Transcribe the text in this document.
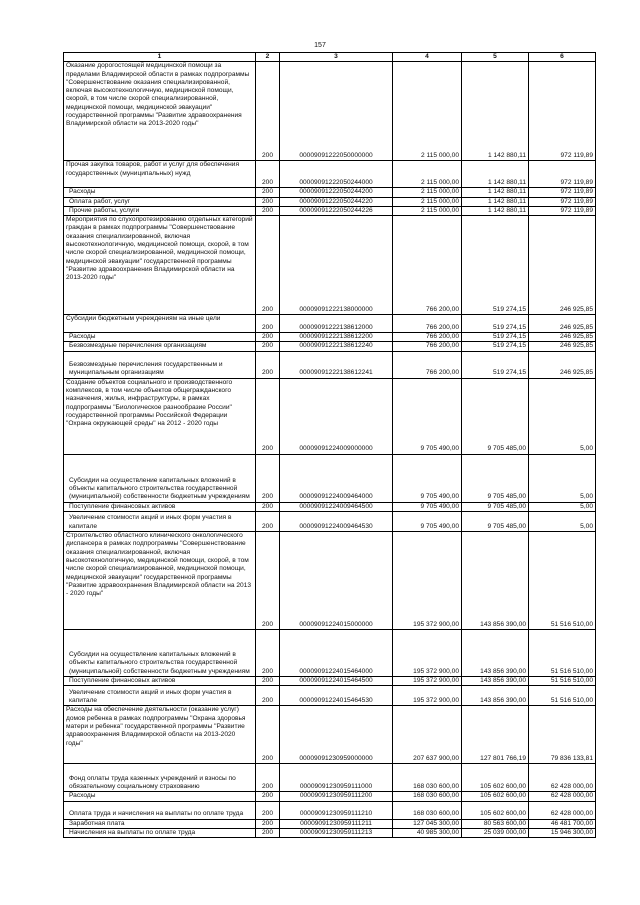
157
1	2	3	4	5	6
Оказание дорогостоящей медицинской помощи за пределами Владимирской области в рамках подпрограммы "Совершенствование оказания специализированной, включая высокотехнологичную, медицинской помощи, скорой, в том числе скорой специализированной, медицинской помощи, медицинской эвакуации" государственной программы "Развитие здравоохранения Владимирской области на 2013-2020 годы"	200	00009091222050000000	2 115 000,00	1 142 880,11	972 119,89
Прочая закупка товаров, работ и услуг для обеспечения государственных (муниципальных) нужд	200	00009091222050244000	2 115 000,00	1 142 880,11	972 119,89
Расходы	200	00009091222050244200	2 115 000,00	1 142 880,11	972 119,89
Оплата работ, услуг	200	00009091222050244220	2 115 000,00	1 142 880,11	972 119,89
Прочие работы, услуги	200	00009091222050244226	2 115 000,00	1 142 880,11	972 119,89
Мероприятия по слухопротезированию отдельных категорий граждан в рамках подпрограммы "Совершенствование оказания специализированной, включая высокотехнологичную, медицинской помощи, скорой, в том числе скорой специализированной, медицинской помощи, медицинской эвакуации" государственной программы "Развитие здравоохранения Владимирской области на 2013-2020 годы"	200	00009091222138000000	766 200,00	519 274,15	246 925,85
Субсидии бюджетным учреждениям на иные цели	200	00009091222138612000	766 200,00	519 274,15	246 925,85
Расходы	200	00009091222138612200	766 200,00	519 274,15	246 925,85
Безвозмездные перечисления организациям	200	00009091222138612240	766 200,00	519 274,15	246 925,85
Безвозмездные перечисления государственным и муниципальным организациям	200	00009091222138612241	766 200,00	519 274,15	246 925,85
Создание объектов социального и производственного комплексов, в том числе объектов общегражданского назначения, жилья, инфраструктуры, в рамках подпрограммы "Биологическое разнообразие России" государственной программы Российской Федерации "Охрана окружающей среды" на 2012 - 2020 годы	200	00009091224009000000	9 705 490,00	9 705 485,00	5,00
Субсидии на осуществление капитальных вложений в объекты капитального строительства государственной (муниципальной) собственности бюджетным учреждениям	200	00009091224009464000	9 705 490,00	9 705 485,00	5,00
Поступление финансовых активов	200	00009091224009464500	9 705 490,00	9 705 485,00	5,00
Увеличение стоимости акций и иных форм участия в капитале	200	00009091224009464530	9 705 490,00	9 705 485,00	5,00
Строительство областного клинического онкологического диспансера в рамках подпрограммы "Совершенствование оказания специализированной, включая высокотехнологичную, медицинской помощи, скорой, в том числе скорой специализированной, медицинской помощи, медицинской эвакуации" государственной программы "Развитие здравоохранения Владимирской области на 2013 - 2020 годы"	200	00009091224015000000	195 372 900,00	143 856 390,00	51 516 510,00
Субсидии на осуществление капитальных вложений в объекты капитального строительства государственной (муниципальной) собственности бюджетным учреждениям	200	00009091224015464000	195 372 900,00	143 856 390,00	51 516 510,00
Поступление финансовых активов	200	00009091224015464500	195 372 900,00	143 856 390,00	51 516 510,00
Увеличение стоимости акций и иных форм участия в капитале	200	00009091224015464530	195 372 900,00	143 856 390,00	51 516 510,00
Расходы на обеспечение деятельности (оказание услуг) домов ребенка в рамках подпрограммы "Охрана здоровья матери и ребенка" государственной программы "Развитие здравоохранения Владимирской области на 2013-2020 годы"	200	00009091230959000000	207 637 900,00	127 801 766,19	79 836 133,81
Фонд оплаты труда казенных учреждений и взносы по обязательному социальному страхованию	200	00009091230959111000	168 030 600,00	105 602 600,00	62 428 000,00
Расходы	200	00009091230959111200	168 030 600,00	105 602 600,00	62 428 000,00
Оплата труда и начисления на выплаты по оплате труда	200	00009091230959111210	168 030 600,00	105 602 600,00	62 428 000,00
Заработная плата	200	00009091230959111211	127 045 300,00	80 563 600,00	46 481 700,00
Начисления на выплаты по оплате труда	200	00009091230959111213	40 985 300,00	25 039 000,00	15 946 300,00
